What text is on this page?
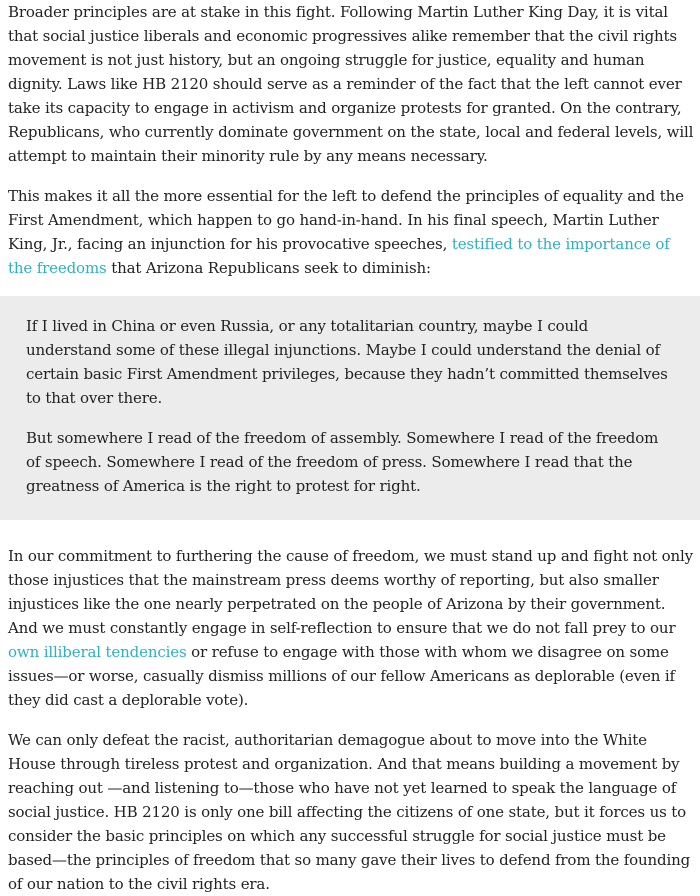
Broader principles are at stake in this fight. Following Martin Luther King Day, it is vital that social justice liberals and economic progressives alike remember that the civil rights movement is not just history, but an ongoing struggle for justice, equality and human dignity. Laws like HB 2120 should serve as a reminder of the fact that the left cannot ever take its capacity to engage in activism and organize protests for granted. On the contrary, Republicans, who currently dominate government on the state, local and federal levels, will attempt to maintain their minority rule by any means necessary.

This makes it all the more essential for the left to defend the principles of equality and the First Amendment, which happen to go hand-in-hand. In his final speech, Martin Luther King, Jr., facing an injunction for his provocative speeches, testified to the importance of the freedoms that Arizona Republicans seek to diminish:

If I lived in China or even Russia, or any totalitarian country, maybe I could understand some of these illegal injunctions. Maybe I could understand the denial of certain basic First Amendment privileges, because they hadn’t committed themselves to that over there.

But somewhere I read of the freedom of assembly. Somewhere I read of the freedom of speech. Somewhere I read of the freedom of press. Somewhere I read that the greatness of America is the right to protest for right.

In our commitment to furthering the cause of freedom, we must stand up and fight not only those injustices that the mainstream press deems worthy of reporting, but also smaller injustices like the one nearly perpetrated on the people of Arizona by their government. And we must constantly engage in self-reflection to ensure that we do not fall prey to our own illiberal tendencies or refuse to engage with those with whom we disagree on some issues—or worse, casually dismiss millions of our fellow Americans as deplorable (even if they did cast a deplorable vote).

We can only defeat the racist, authoritarian demagogue about to move into the White House through tireless protest and organization. And that means building a movement by reaching out —and listening to—those who have not yet learned to speak the language of social justice. HB 2120 is only one bill affecting the citizens of one state, but it forces us to consider the basic principles on which any successful struggle for social justice must be based—the principles of freedom that so many gave their lives to defend from the founding of our nation to the civil rights era.
